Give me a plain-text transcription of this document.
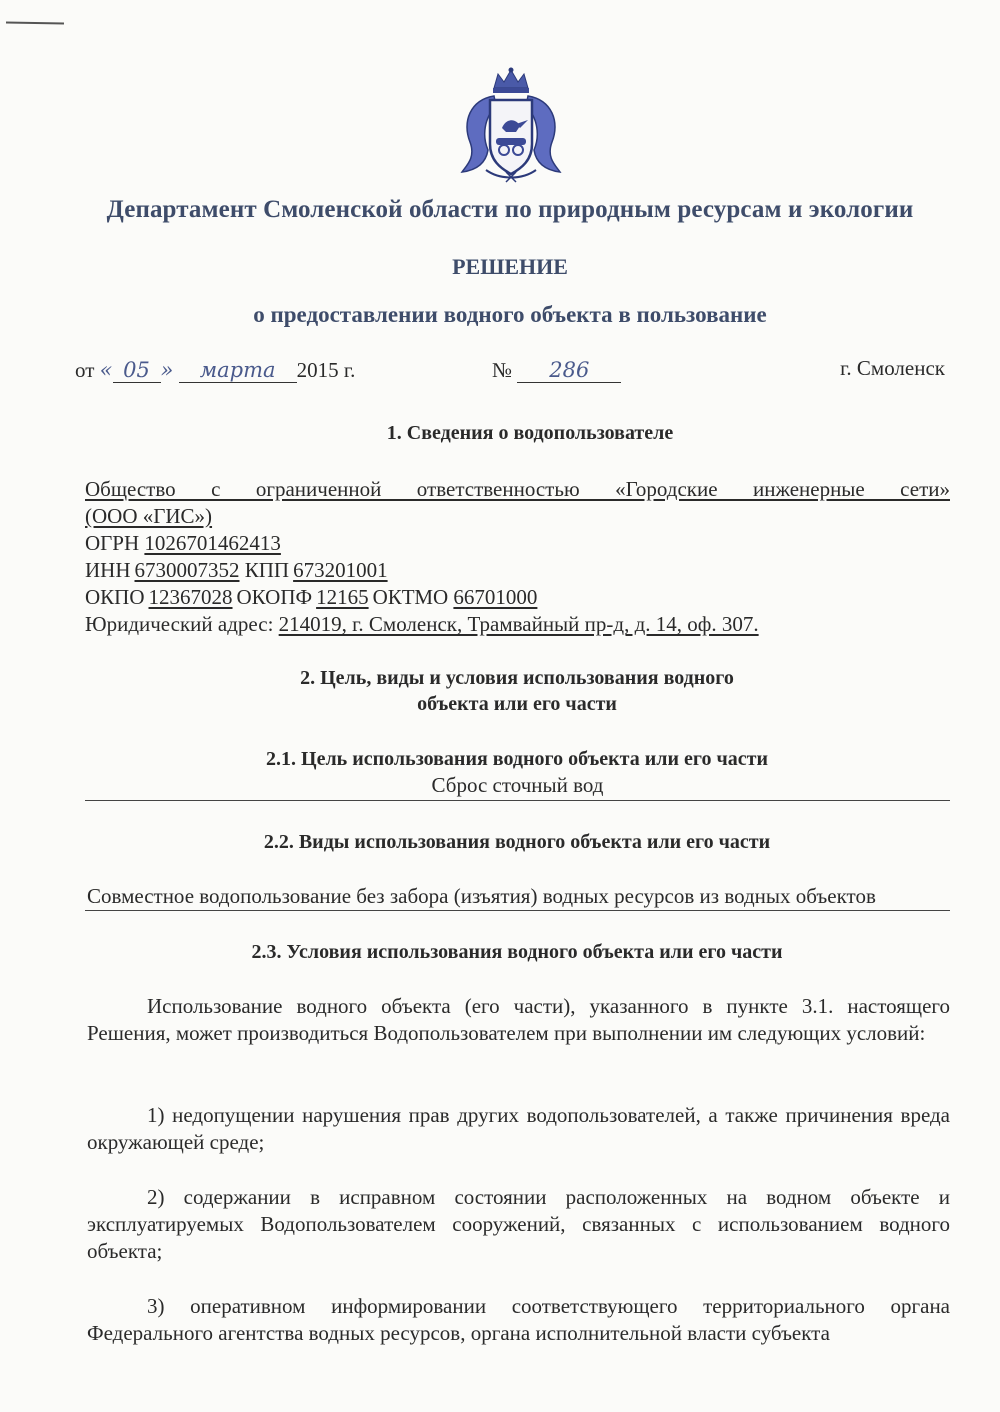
Департамент Смоленской области по природным ресурсам и экологии
РЕШЕНИЕ
о предоставлении водного объекта в пользование
от « 05 » марта 2015 г.	№ 286	г. Смоленск
1. Сведения о водопользователе
Общество с ограниченной ответственностью «Городские инженерные сети»
(ООО «ГИС»)
ОГРН 1026701462413
ИНН 6730007352 КПП 673201001
ОКПО 12367028 ОКОПФ 12165 ОКТМО 66701000
Юридический адрес: 214019, г. Смоленск, Трамвайный пр-д, д. 14, оф. 307.
2. Цель, виды и условия использования водного
объекта или его части
2.1. Цель использования водного объекта или его части
Сброс сточный вод
2.2. Виды использования водного объекта или его части
Совместное водопользование без забора (изъятия) водных ресурсов из водных объектов
2.3. Условия использования водного объекта или его части

Использование водного объекта (его части), указанного в пункте 3.1. настоящего Решения, может производиться Водопользователем при выполнении им следующих условий:

1) недопущении нарушения прав других водопользователей, а также причинения вреда окружающей среде;

2) содержании в исправном состоянии расположенных на водном объекте и эксплуатируемых Водопользователем сооружений, связанных с использованием водного объекта;

3) оперативном информировании соответствующего территориального органа Федерального агентства водных ресурсов, органа исполнительной власти субъекта
